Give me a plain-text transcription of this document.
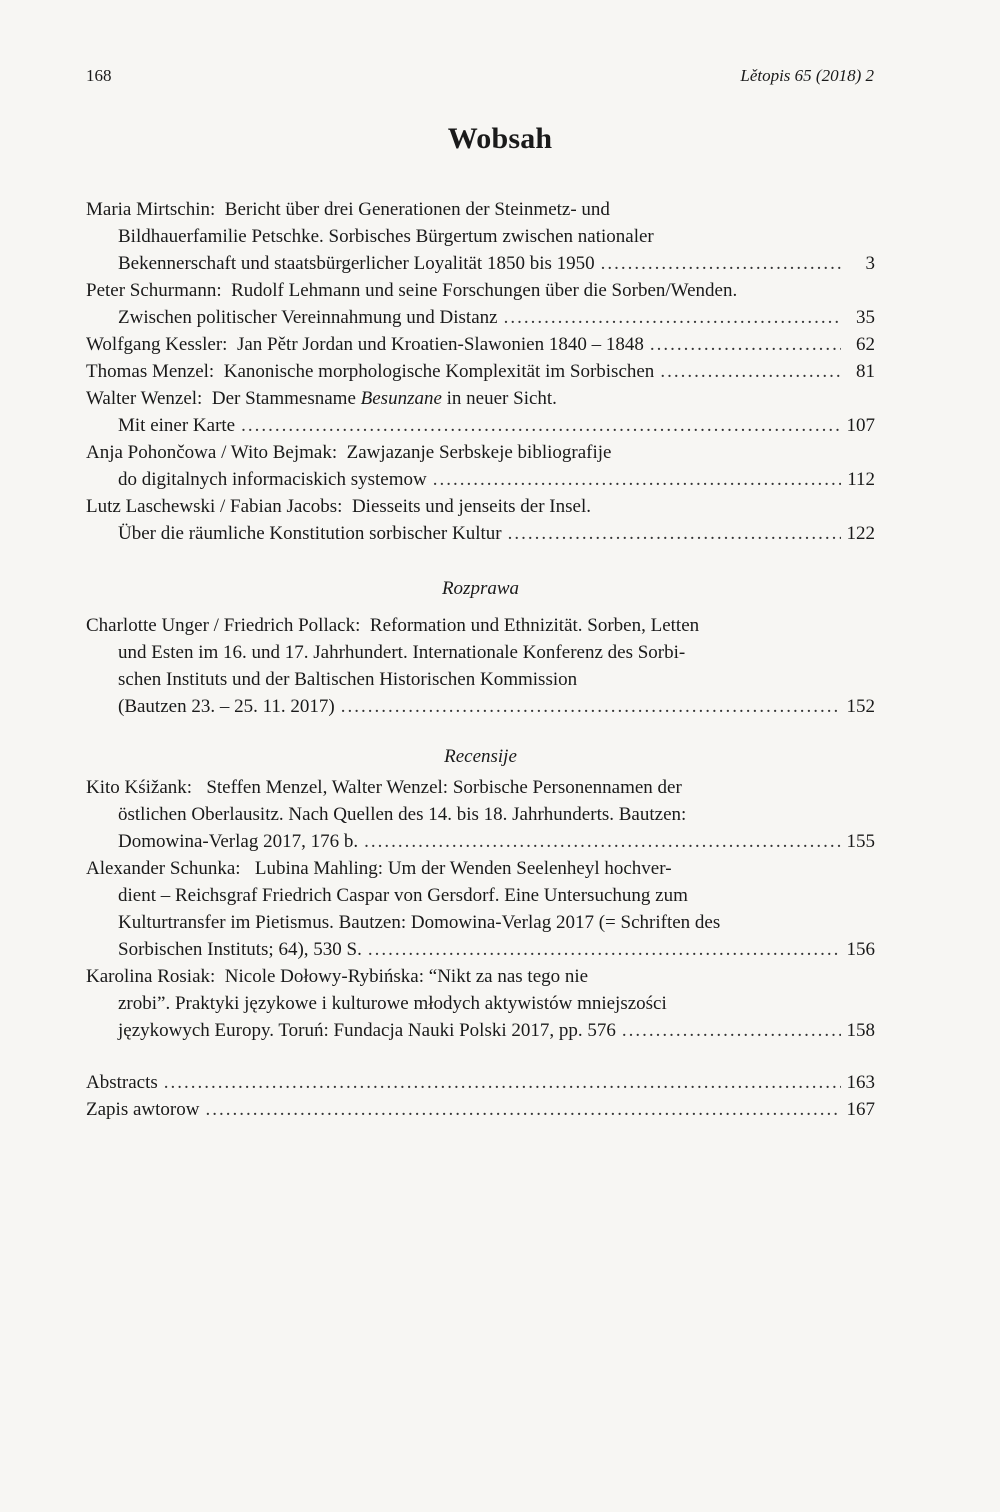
168	Lětopis 65 (2018) 2
Wobsah
Maria Mirtschin: Bericht über drei Generationen der Steinmetz- und
Bildhauerfamilie Petschke. Sorbisches Bürgertum zwischen nationaler
Bekennerschaft und staatsbürgerlicher Loyalität 1850 bis 1950 .....	3
Peter Schurmann: Rudolf Lehmann und seine Forschungen über die Sorben/Wenden.
Zwischen politischer Vereinnahmung und Distanz .....	35
Wolfgang Kessler: Jan Pětr Jordan und Kroatien-Slawonien 1840 – 1848 .....	62
Thomas Menzel: Kanonische morphologische Komplexität im Sorbischen .....	81
Walter Wenzel: Der Stammesname Besunzane in neuer Sicht.
Mit einer Karte .....	107
Anja Pohončowa / Wito Bejmak: Zawjazanje Serbskeje bibliografije
do digitalnych informaciskich systemow .....	112
Lutz Laschewski / Fabian Jacobs: Diesseits und jenseits der Insel.
Über die räumliche Konstitution sorbischer Kultur .....	122
Rozprawa
Charlotte Unger / Friedrich Pollack: Reformation und Ethnizität. Sorben, Letten
und Esten im 16. und 17. Jahrhundert. Internationale Konferenz des Sorbi-
schen Instituts und der Baltischen Historischen Kommission
(Bautzen 23. – 25. 11. 2017) .....	152
Recensije
Kito Kśižank: Steffen Menzel, Walter Wenzel: Sorbische Personennamen der
östlichen Oberlausitz. Nach Quellen des 14. bis 18. Jahrhunderts. Bautzen:
Domowina-Verlag 2017, 176 b. .....	155
Alexander Schunka: Lubina Mahling: Um der Wenden Seelenheyl hochver-
dient – Reichsgraf Friedrich Caspar von Gersdorf. Eine Untersuchung zum
Kulturtransfer im Pietismus. Bautzen: Domowina-Verlag 2017 (= Schriften des
Sorbischen Instituts; 64), 530 S. .....	156
Karolina Rosiak: Nicole Dołowy-Rybińska: “Nikt za nas tego nie
zrobi”. Praktyki językowe i kulturowe młodych aktywistów mniejszości
językowych Europy. Toruń: Fundacja Nauki Polski 2017, pp. 576 .....	158
Abstracts .....	163
Zapis awtorow .....	167
